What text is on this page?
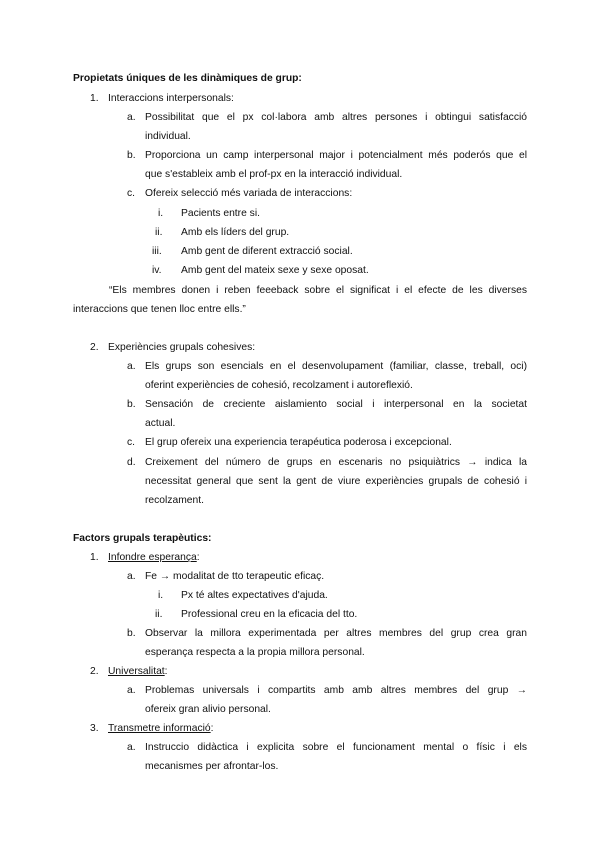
Propietats úniques de les dinàmiques de grup:
1. Interaccions interpersonals:
a. Possibilitat que el px col·labora amb altres persones i obtingui satisfacció
individual.
b. Proporciona un camp interpersonal major i potencialment més poderós que el
que s'estableix amb el prof-px en la interacció individual.
c. Ofereix selecció més variada de interaccions:
i. Pacients entre si.
ii. Amb els líders del grup.
iii. Amb gent de diferent extracció social.
iv. Amb gent del mateix sexe y sexe oposat.
“Els membres donen i reben feeeback sobre el significat i el efecte de les diverses
interaccions que tenen lloc entre ells.”
2. Experiències grupals cohesives:
a. Els grups son esencials en el desenvolupament (familiar, classe, treball, oci)
oferint experiències de cohesió, recolzament i autoreflexió.
b. Sensación de creciente aislamiento social i interpersonal en la societat
actual.
c. El grup ofereix una experiencia terapéutica poderosa i excepcional.
d. Creixement del número de grups en escenaris no psiquiàtrics → indica la
necessitat general que sent la gent de viure experiències grupals de cohesió i
recolzament.
Factors grupals terapèutics:
1. Infondre esperança:
a. Fe → modalitat de tto terapeutic eficaç.
i. Px té altes expectatives d'ajuda.
ii. Professional creu en la eficacia del tto.
b. Observar la millora experimentada per altres membres del grup crea gran
esperança respecta a la propia millora personal.
2. Universalitat:
a. Problemas universals i compartits amb amb altres membres del grup →
ofereix gran alivio personal.
3. Transmetre informació:
a. Instruccio didàctica i explicita sobre el funcionament mental o físic i els
mecanismes per afrontar-los.
